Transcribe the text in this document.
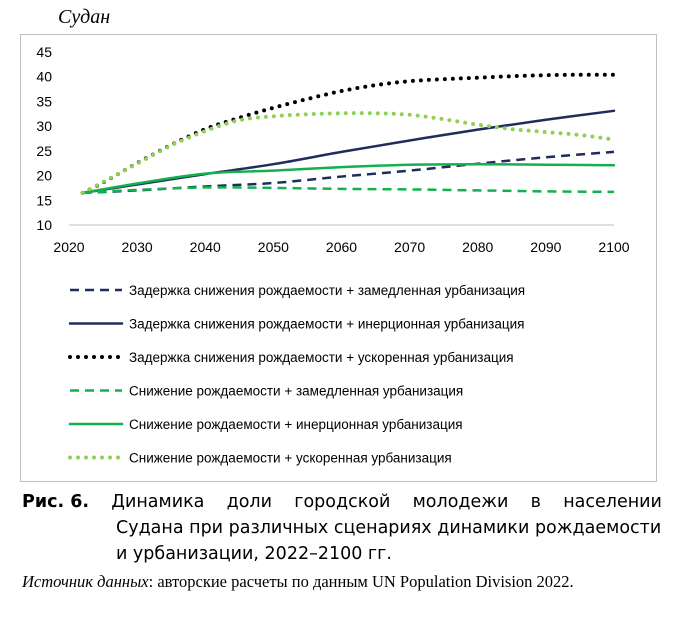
Судан
10
15
20
25
30
35
40
45
2020	2030	2040	2050	2060	2070	2080	2090	2100
Задержка снижения рождаемости + замедленная урбанизация
Задержка снижения рождаемости + инерционная урбанизация
Задержка снижения рождаемости + ускоренная урбанизация
Снижение рождаемости + замедленная урбанизация
Снижение рождаемости + инерционная урбанизация
Снижение рождаемости + ускоренная урбанизация
Рис. 6. Динамика доли городской молодежи в населении
Судана при различных сценариях динамики рождаемости и урбанизации, 2022–2100 гг.
Источник данных: авторские расчеты по данным UN Population Division 2022.
